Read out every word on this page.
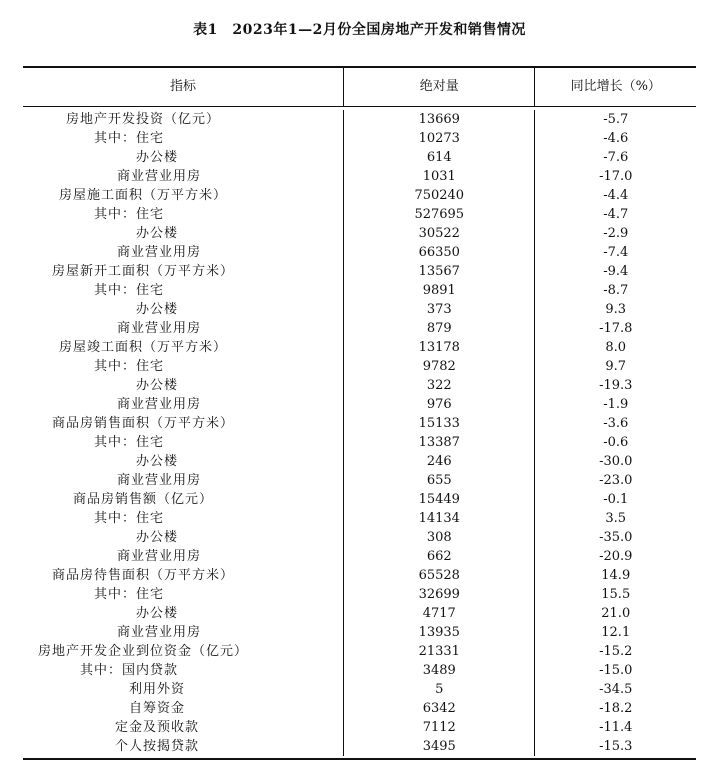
表1　2023年1—2月份全国房地产开发和销售情况
指标	绝对量	同比增长（%）
房地产开发投资（亿元）	13669	-5.7
其中：住宅	10273	-4.6
办公楼	614	-7.6
商业营业用房	1031	-17.0
房屋施工面积（万平方米）	750240	-4.4
其中：住宅	527695	-4.7
办公楼	30522	-2.9
商业营业用房	66350	-7.4
房屋新开工面积（万平方米）	13567	-9.4
其中：住宅	9891	-8.7
办公楼	373	9.3
商业营业用房	879	-17.8
房屋竣工面积（万平方米）	13178	8.0
其中：住宅	9782	9.7
办公楼	322	-19.3
商业营业用房	976	-1.9
商品房销售面积（万平方米）	15133	-3.6
其中：住宅	13387	-0.6
办公楼	246	-30.0
商业营业用房	655	-23.0
商品房销售额（亿元）	15449	-0.1
其中：住宅	14134	3.5
办公楼	308	-35.0
商业营业用房	662	-20.9
商品房待售面积（万平方米）	65528	14.9
其中：住宅	32699	15.5
办公楼	4717	21.0
商业营业用房	13935	12.1
房地产开发企业到位资金（亿元）	21331	-15.2
其中：国内贷款	3489	-15.0
利用外资	5	-34.5
自筹资金	6342	-18.2
定金及预收款	7112	-11.4
个人按揭贷款	3495	-15.3
